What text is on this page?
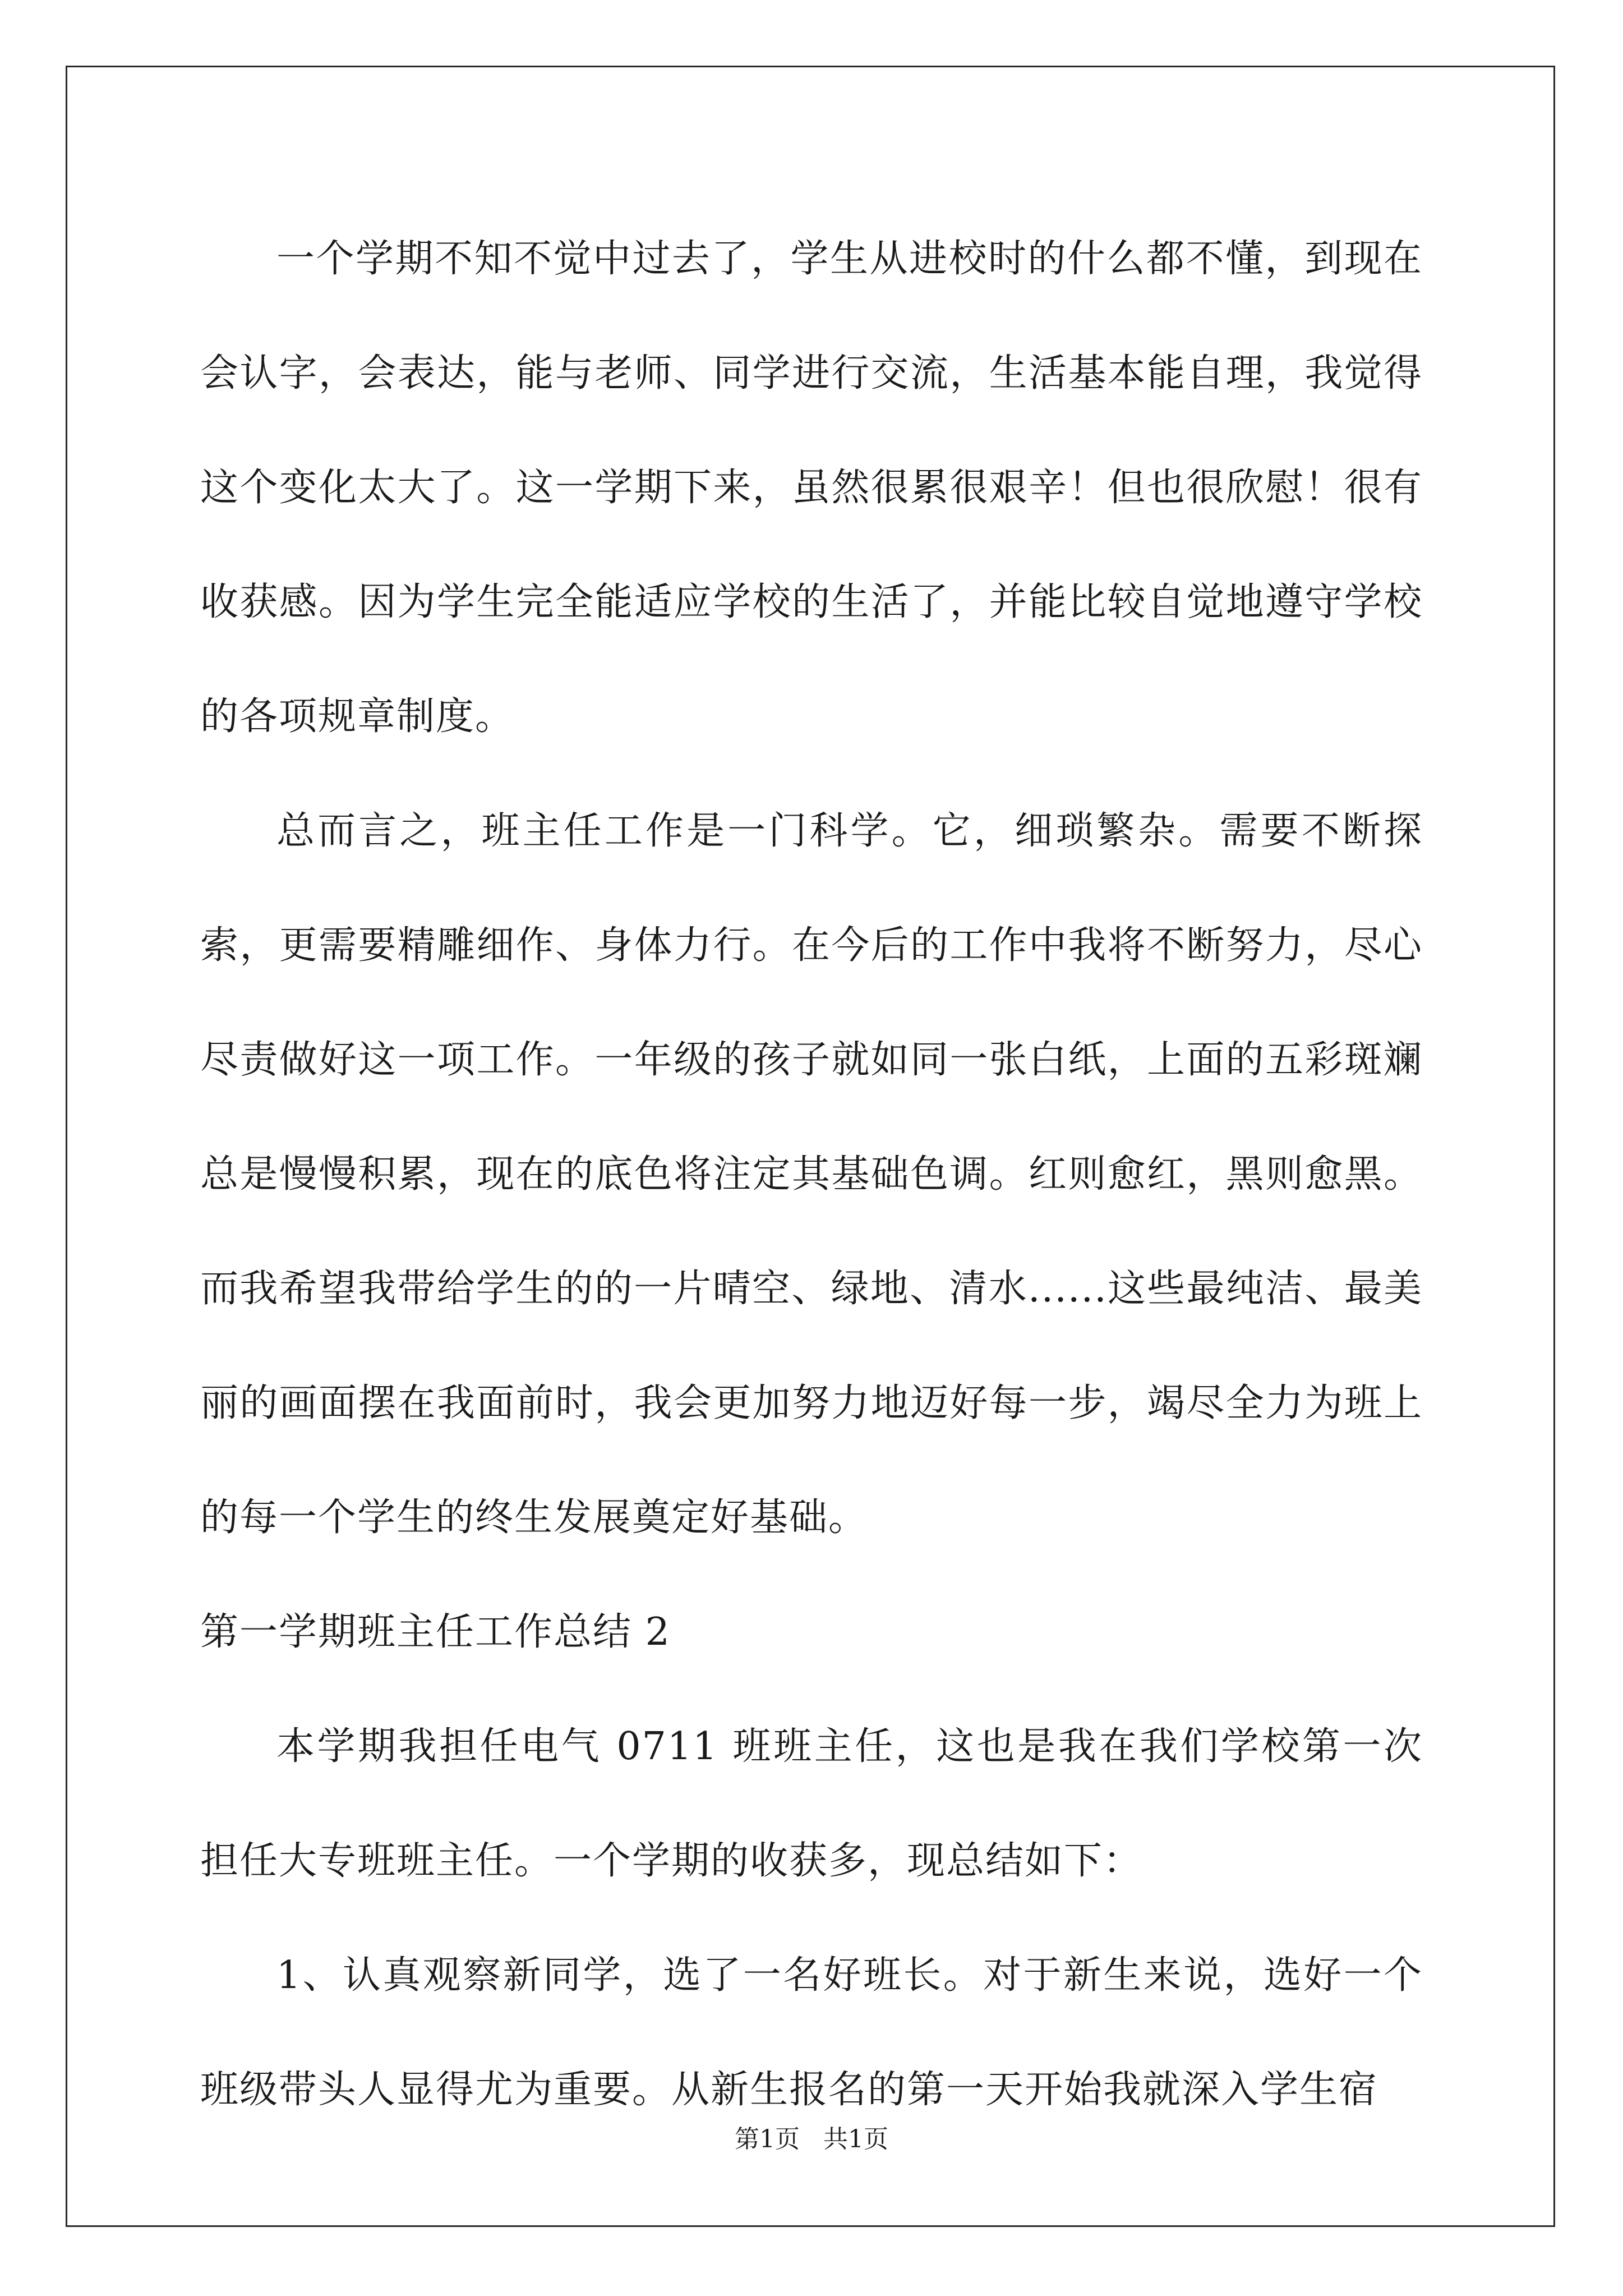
一个学期不知不觉中过去了，学生从进校时的什么都不懂，到现在会认字，会表达，能与老师、同学进行交流，生活基本能自理，我觉得这个变化太大了。这一学期下来，虽然很累很艰辛！但也很欣慰！很有收获感。因为学生完全能适应学校的生活了，并能比较自觉地遵守学校的各项规章制度。

总而言之，班主任工作是一门科学。它，细琐繁杂。需要不断探索，更需要精雕细作、身体力行。在今后的工作中我将不断努力，尽心尽责做好这一项工作。一年级的孩子就如同一张白纸，上面的五彩斑斓总是慢慢积累，现在的底色将注定其基础色调。红则愈红，黑则愈黑。而我希望我带给学生的的一片晴空、绿地、清水......这些最纯洁、最美丽的画面摆在我面前时，我会更加努力地迈好每一步，竭尽全力为班上的每一个学生的终生发展奠定好基础。

第一学期班主任工作总结 2

本学期我担任电气 0711 班班主任，这也是我在我们学校第一次担任大专班班主任。一个学期的收获多，现总结如下：

1、认真观察新同学，选了一名好班长。对于新生来说，选好一个班级带头人显得尤为重要。从新生报名的第一天开始我就深入学生宿

第1页   共1页
